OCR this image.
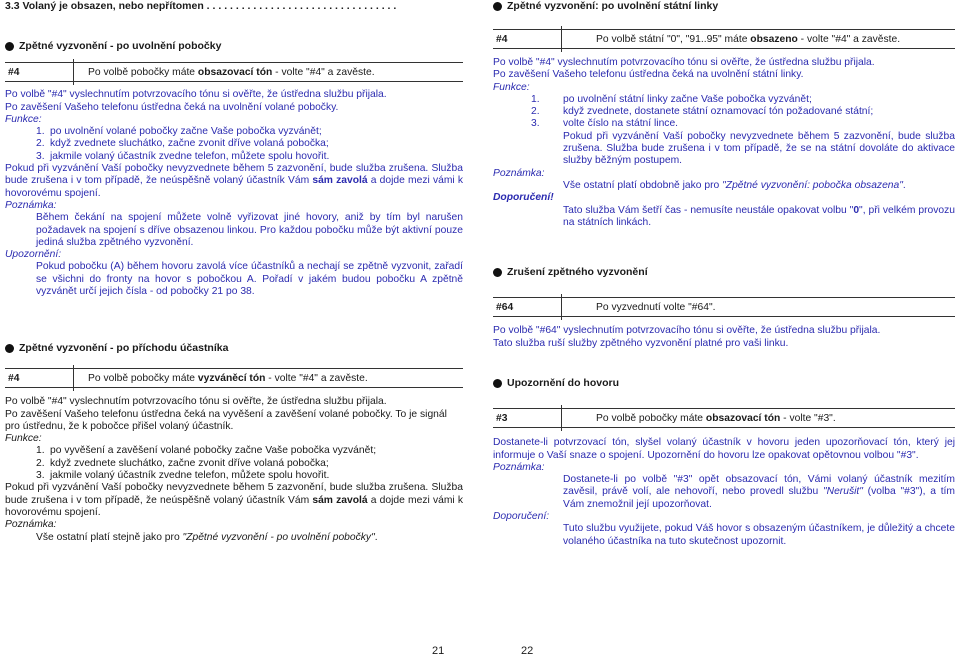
3.3 Volaný je obsazen, nebo nepřítomen . . . . . . . . . . . . . . . . . . . . . . . . . . . . . . . . .
Zpětné vyzvonění - po uvolnění pobočky
#4	Po volbě pobočky máte obsazovací tón - volte "#4" a zavěste.

Po volbě "#4" vyslechnutím potvrzovacího tónu si ověřte, že ústředna službu přijala.

Po zavěšení Vašeho telefonu ústředna čeká na uvolnění volané pobočky.

Funkce:

1. po uvolnění volané pobočky začne Vaše pobočka vyzvánět;
2. když zvednete sluchátko, začne zvonit dříve volaná pobočka;
3. jakmile volaný účastník zvedne telefon, můžete spolu hovořit.

Pokud při vyzvánění Vaší pobočky nevyzvednete během 5 zazvonění, bude služba zrušena. Služba bude zrušena i v tom případě, že neúspěšně volaný účastník Vám sám zavolá a dojde mezi vámi k hovorovému spojení.

Poznámka:

Během čekání na spojení můžete volně vyřizovat jiné hovory, aniž by tím byl narušen požadavek na spojení s dříve obsazenou linkou. Pro každou pobočku může být aktivní pouze jediná služba zpětného vyzvonění.

Upozornění:

Pokud pobočku (A) během hovoru zavolá více účastníků a nechají se zpětně vyzvonit, zařadí se všichni do fronty na hovor s pobočkou A. Pořadí v jakém budou pobočku A zpětně vyzvánět určí jejich čísla - od pobočky 21 po 38.

Zpětné vyzvonění - po příchodu účastníka
#4	Po volbě pobočky máte vyzváněcí tón - volte "#4" a zavěste.

Po volbě "#4" vyslechnutím potvrzovacího tónu si ověřte, že ústředna službu přijala.

Po zavěšení Vašeho telefonu ústředna čeká na vyvěšení a zavěšení volané pobočky. To je signál pro ústřednu, že k pobočce přišel volaný účastník.

Funkce:

1. po vyvěšení a zavěšení volané pobočky začne Vaše pobočka vyzvánět;
2. když zvednete sluchátko, začne zvonit dříve volaná pobočka;
3. jakmile volaný účastník zvedne telefon, můžete spolu hovořit.

Pokud při vyzvánění Vaší pobočky nevyzvednete během 5 zazvonění, bude služba zrušena. Služba bude zrušena i v tom případě, že neúspěšně volaný účastník Vám sám zavolá a dojde mezi vámi k hovorovému spojení.

Poznámka:

Vše ostatní platí stejně jako pro "Zpětné vyzvonění - po uvolnění pobočky".

21
Zpětné vyzvonění: po uvolnění státní linky
#4	Po volbě státní "0", "91..95" máte obsazeno - volte "#4" a zavěste.

Po volbě "#4" vyslechnutím potvrzovacího tónu si ověřte, že ústředna službu přijala.

Po zavěšení Vašeho telefonu ústředna čeká na uvolnění státní linky.

Funkce:

1.	po uvolnění státní linky začne Vaše pobočka vyzvánět;
2.	když zvednete, dostanete státní oznamovací tón požadované státní;
3.	volte číslo na státní lince.

Pokud při vyzvánění Vaší pobočky nevyzvednete během 5 zazvonění, bude služba zrušena. Služba bude zrušena i v tom případě, že se na státní dovoláte do aktivace služby běžným postupem.

Poznámka:

Vše ostatní platí obdobně jako pro "Zpětné vyzvonění: pobočka obsazena".

Doporučení!

Tato služba Vám šetří čas - nemusíte neustále opakovat volbu "0", při velkém provozu na státních linkách.

Zrušení zpětného vyzvonění
#64	Po vyzvednutí volte "#64".

Po volbě "#64" vyslechnutím potvrzovacího tónu si ověřte, že ústředna službu přijala.

Tato služba ruší služby zpětného vyzvonění platné pro vaši linku.

Upozornění do hovoru
#3	Po volbě pobočky máte obsazovací tón - volte "#3".

Dostanete-li potvrzovací tón, slyšel volaný účastník v hovoru jeden upozorňovací tón, který jej informuje o Vaší snaze o spojení. Upozornění do hovoru lze opakovat opětovnou volbou "#3".

Poznámka:

Dostanete-li po volbě "#3" opět obsazovací tón, Vámi volaný účastník mezitím zavěsil, právě volí, ale nehovoří, nebo provedl službu "Nerušit" (volba "#3"), a tím Vám znemožnil její upozorňovat.

Doporučení:

Tuto službu využijete, pokud Váš hovor s obsazeným účastníkem, je důležitý a chcete volaného účastníka na tuto skutečnost upozornit.

22
